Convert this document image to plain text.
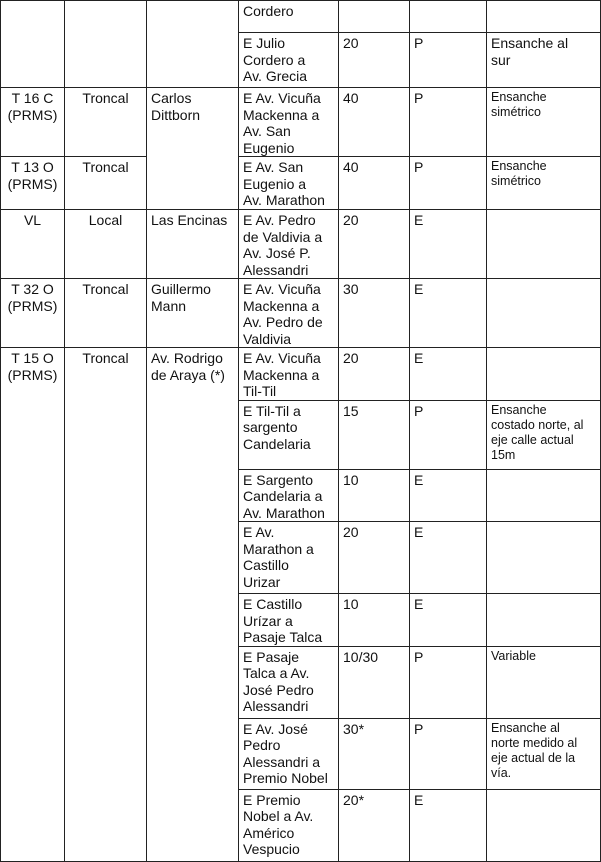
			Cordero			

			E Julio
Cordero a
Av. Grecia	20	P	Ensanche al
sur

T 16 C
(PRMS)	Troncal	Carlos
Dittborn	E Av. Vicuña
Mackenna a
Av. San
Eugenio	40	P	Ensanche
simétrico

T 13 O
(PRMS)	Troncal		E Av. San
Eugenio a
Av. Marathon	40	P	Ensanche
simétrico

VL	Local	Las Encinas	E Av. Pedro
de Valdivia a
Av. José P.
Alessandri	20	E	

T 32 O
(PRMS)	Troncal	Guillermo
Mann	E Av. Vicuña
Mackenna a
Av. Pedro de
Valdivia	30	E	

T 15 O
(PRMS)	Troncal	Av. Rodrigo
de Araya (*)	E Av. Vicuña
Mackenna a
Til-Til	20	E	

			E Til-Til a
sargento
Candelaria	15	P	Ensanche
costado norte, al
eje calle actual
15m

			E Sargento
Candelaria a
Av. Marathon	10	E	

			E Av.
Marathon a
Castillo
Urizar	20	E	

			E Castillo
Urízar a
Pasaje Talca	10	E	

			E Pasaje
Talca a Av.
José Pedro
Alessandri	10/30	P	Variable

			E Av. José
Pedro
Alessandri a
Premio Nobel	30*	P	Ensanche al
norte medido al
eje actual de la
vía.

			E Premio
Nobel a Av.
Américo
Vespucio	20*	E	
